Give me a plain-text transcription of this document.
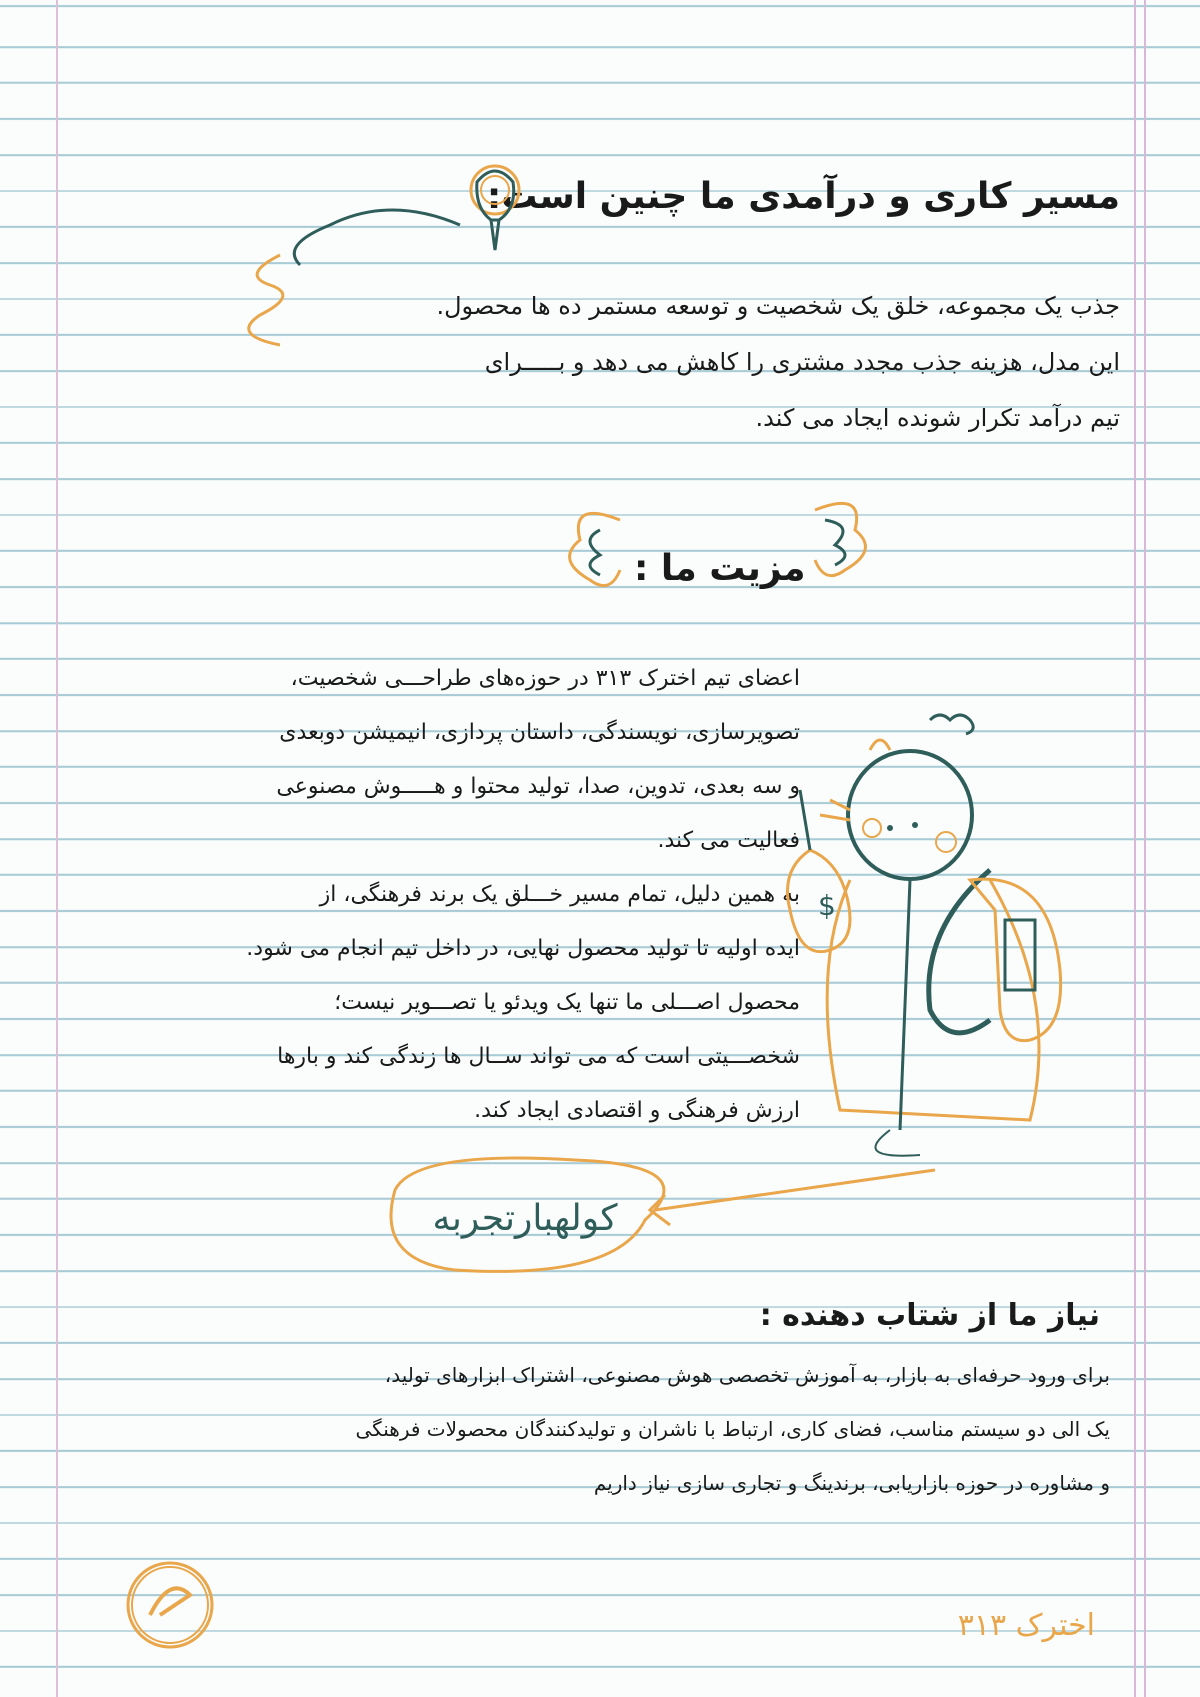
مسیر کاری و درآمدی ما چنین است:
جذب یک مجموعه، خلق یک شخصیت و توسعه مستمر ده ها محصول.
این مدل، هزینه جذب مجدد مشتری را کاهش می دهد و بـــــرای
تیم درآمد تکرار شونده ایجاد می کند.
مزیت ما :
اعضای تیم اخترک ۳۱۳ در حوزه‌های طراحـــی شخصیت،
تصویرسازی، نویسندگی، داستان پردازی، انیمیشن دوبعدی
و سه بعدی، تدوین، صدا، تولید محتوا و هـــــوش مصنوعی
فعالیت می کند.
به همین دلیل، تمام مسیر خـــلق یک برند فرهنگی، از
ایده اولیه تا تولید محصول نهایی، در داخل تیم انجام می شود.
محصول اصـــلی ما تنها یک ویدئو یا تصـــویر نیست؛
شخصـــیتی است که می تواند ســال ها زندگی کند و بارها
ارزش فرهنگی و اقتصادی ایجاد کند.
$
کولهبارتجربه
نیاز ما از شتاب دهنده :
برای ورود حرفه‌ای به بازار، به آموزش تخصصی هوش مصنوعی، اشتراک ابزارهای تولید،
یک الی دو سیستم مناسب، فضای کاری، ارتباط با ناشران و تولیدکنندگان محصولات فرهنگی
و مشاوره در حوزه بازاریابی، برندینگ و تجاری سازی نیاز داریم
اخترک ۳۱۳
